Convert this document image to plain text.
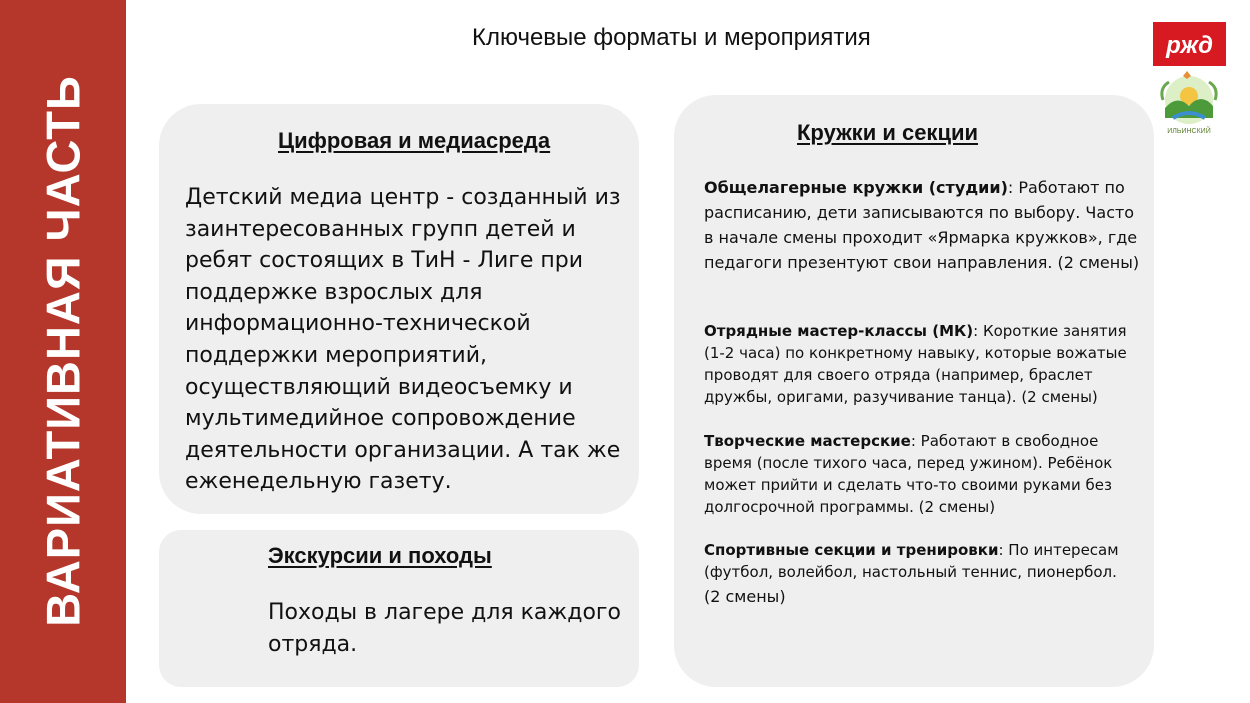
ВАРИАТИВНАЯ ЧАСТЬ
Ключевые форматы и мероприятия	ржд
ИЛЬИНСКИЙ
Цифровая и медиасреда
Детский медиа центр - созданный из заинтересованных групп детей и ребят состоящих в ТиН - Лиге при поддержке взрослых для информационно-технической поддержки мероприятий, осуществляющий видеосъемку и мультимедийное сопровождение деятельности организации. А так же еженедельную газету.
Экскурсии и походы
Походы в лагере для каждого отряда.
Кружки и секции
Общелагерные кружки (студии): Работают по расписанию, дети записываются по выбору. Часто в начале смены проходит «Ярмарка кружков», где педагоги презентуют свои направления. (2 смены)
Отрядные мастер-классы (МК): Короткие занятия (1-2 часа) по конкретному навыку, которые вожатые проводят для своего отряда (например, браслет дружбы, оригами, разучивание танца). (2 смены)
Творческие мастерские: Работают в свободное время (после тихого часа, перед ужином). Ребёнок может прийти и сделать что-то своими руками без долгосрочной программы. (2 смены)
Спортивные секции и тренировки: По интересам (футбол, волейбол, настольный теннис, пионербол.
(2 смены)
